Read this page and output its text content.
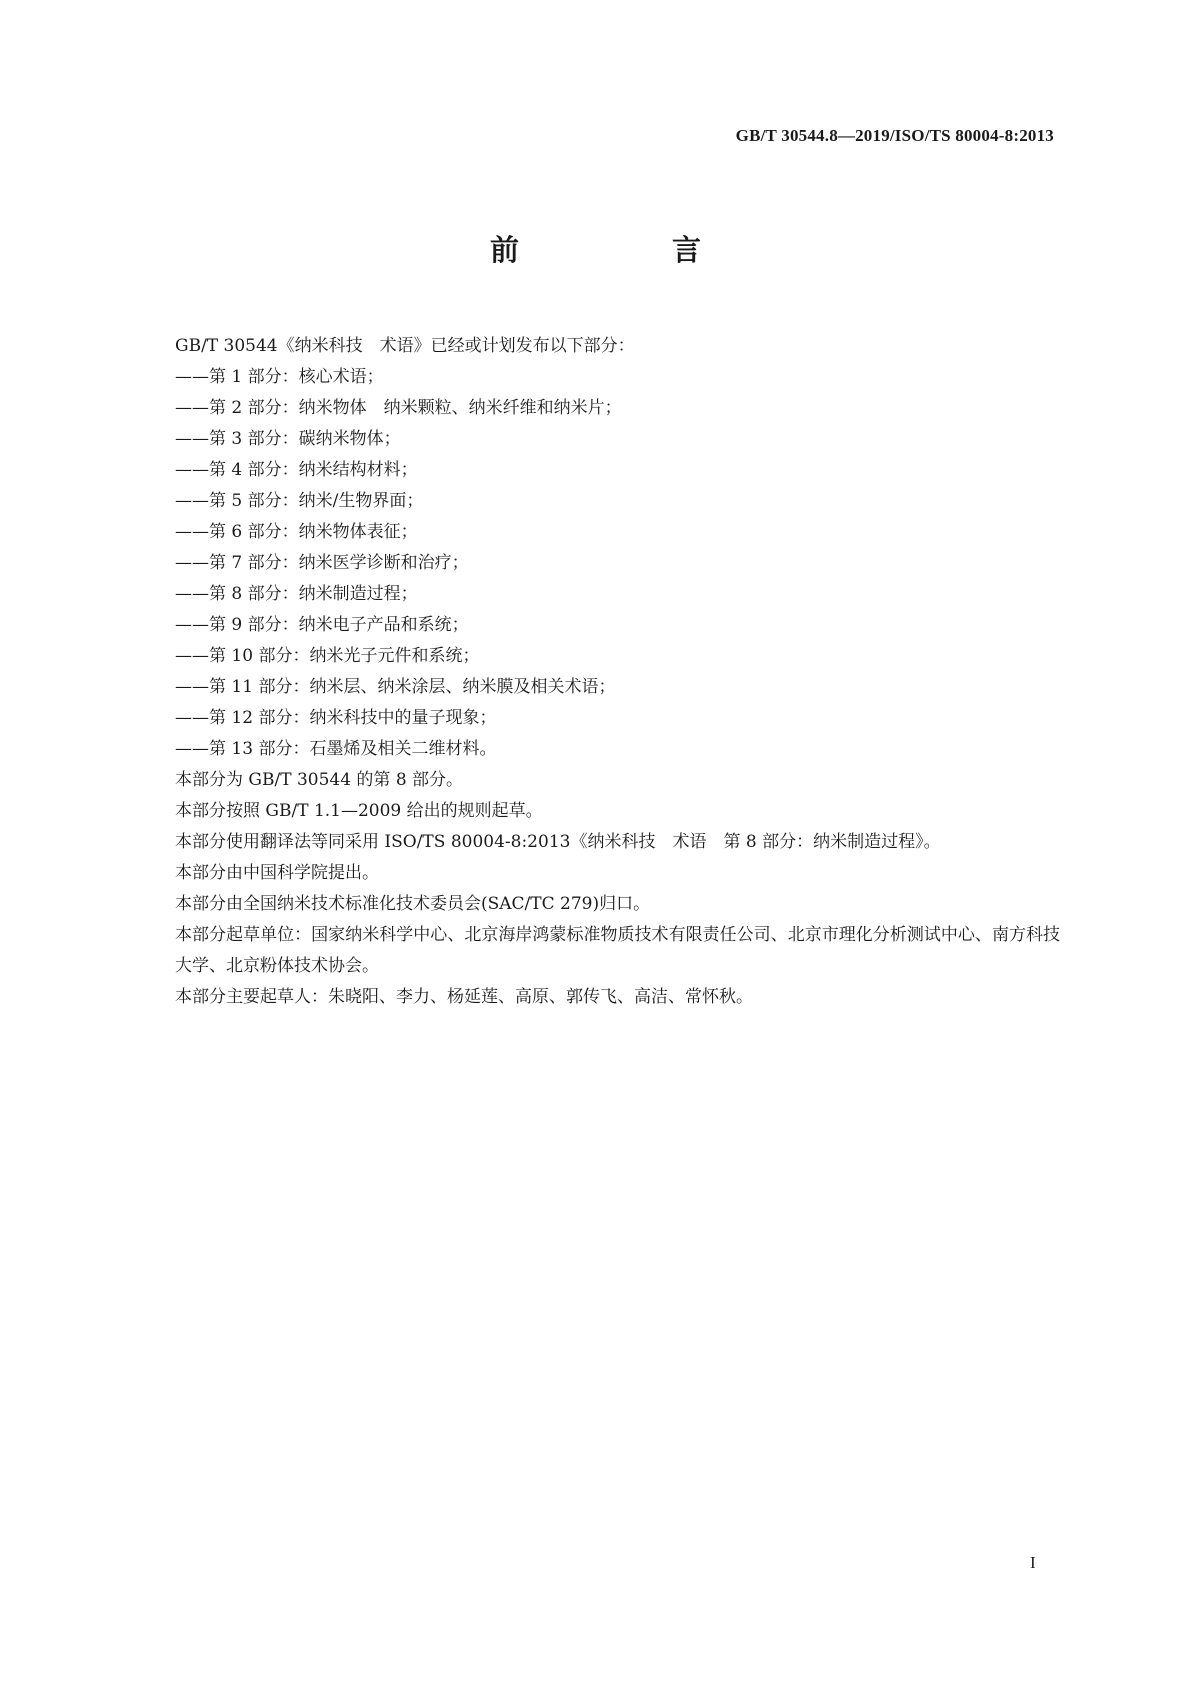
GB/T 30544.8—2019/ISO/TS 80004-8:2013
前　言
GB/T 30544《纳米科技　术语》已经或计划发布以下部分：
——第 1 部分：核心术语；
——第 2 部分：纳米物体　纳米颗粒、纳米纤维和纳米片；
——第 3 部分：碳纳米物体；
——第 4 部分：纳米结构材料；
——第 5 部分：纳米/生物界面；
——第 6 部分：纳米物体表征；
——第 7 部分：纳米医学诊断和治疗；
——第 8 部分：纳米制造过程；
——第 9 部分：纳米电子产品和系统；
——第 10 部分：纳米光子元件和系统；
——第 11 部分：纳米层、纳米涂层、纳米膜及相关术语；
——第 12 部分：纳米科技中的量子现象；
——第 13 部分：石墨烯及相关二维材料。
本部分为 GB/T 30544 的第 8 部分。
本部分按照 GB/T 1.1—2009 给出的规则起草。
本部分使用翻译法等同采用 ISO/TS 80004-8:2013《纳米科技　术语　第 8 部分：纳米制造过程》。
本部分由中国科学院提出。
本部分由全国纳米技术标准化技术委员会(SAC/TC 279)归口。
本部分起草单位：国家纳米科学中心、北京海岸鸿蒙标准物质技术有限责任公司、北京市理化分析测试中心、南方科技大学、北京粉体技术协会。
本部分主要起草人：朱晓阳、李力、杨延莲、高原、郭传飞、高洁、常怀秋。
I
